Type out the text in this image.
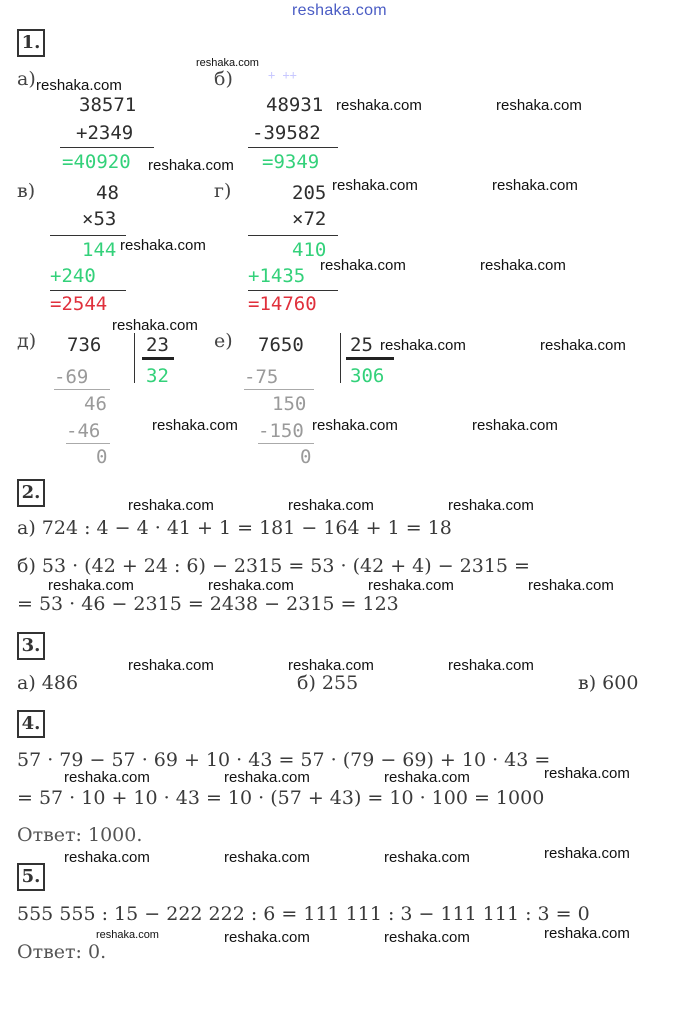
reshaka.com
1.
а)
38571
+2349
=40920
б)	+ ++
48931
-39582
=9349
в)	48
×53
144
+240
=2544
г)	205
×72
410
+1435
=14760
д) 736 23
32
-69
46
-46
0
е) 7650 25
306
-75
150
-150
0
2.
а) 724 : 4 − 4 · 41 + 1 = 181 − 164 + 1 = 18
б) 53 · (42 + 24 : 6) − 2315 = 53 · (42 + 4) − 2315 =
= 53 · 46 − 2315 = 2438 − 2315 = 123
3.
а) 486	б) 255	в) 600
4.
57 · 79 − 57 · 69 + 10 · 43 = 57 · (79 − 69) + 10 · 43 =
= 57 · 10 + 10 · 43 = 10 · (57 + 43) = 10 · 100 = 1000
Ответ: 1000.
5.
555 555 : 15 − 222 222 : 6 = 111 111 : 3 − 111 111 : 3 = 0
Ответ: 0.
reshaka.com
reshaka.com
reshaka.com	reshaka.com
reshaka.com
reshaka.com	reshaka.com
reshaka.com
reshaka.com	reshaka.com
reshaka.com
reshaka.com	reshaka.com
reshaka.com	reshaka.com	reshaka.com
reshaka.com	reshaka.com	reshaka.com
reshaka.com	reshaka.com	reshaka.com	reshaka.com
reshaka.com	reshaka.com	reshaka.com
reshaka.com	reshaka.com	reshaka.com	reshaka.com
reshaka.com	reshaka.com	reshaka.com	reshaka.com
reshaka.com	reshaka.com	reshaka.com	reshaka.com
